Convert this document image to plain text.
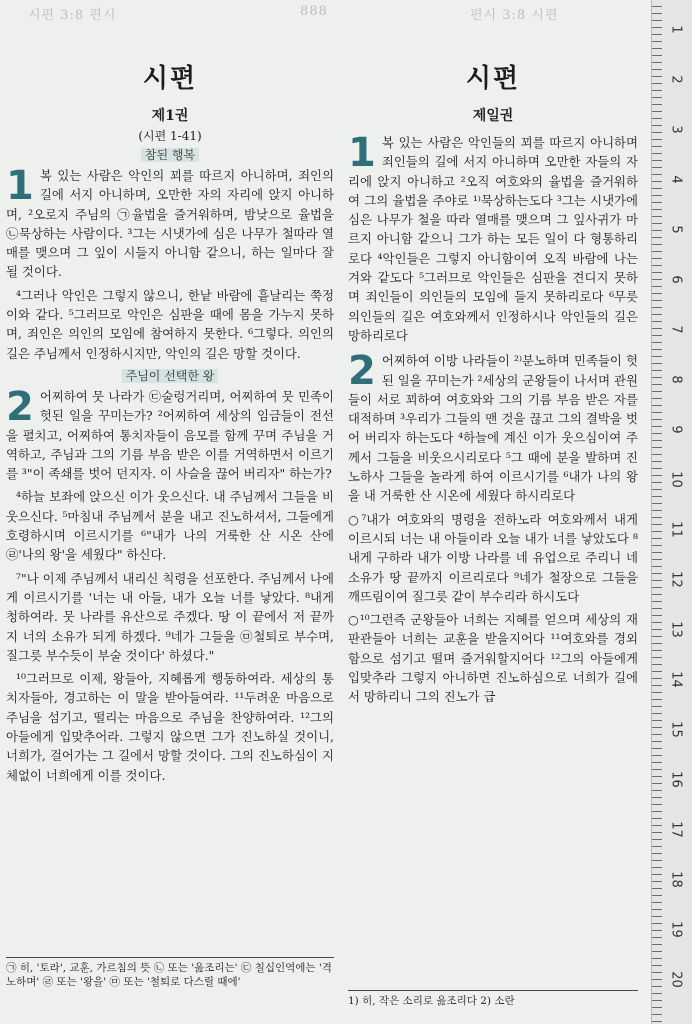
시편 3:8 편시	888	편시 3:8 시편
시편

제1권

(시편 1-41)

참된 행복

1 복 있는 사람은 악인의 꾀를 따르지 아니하며, 죄인의 길에 서지 아니하며, 오만한 자의 자리에 앉지 아니하며, ²오로지 주님의 ㉠율법을 즐거워하며, 밤낮으로 율법을 ㉡묵상하는 사람이다. ³그는 시냇가에 심은 나무가 철따라 열매를 맺으며 그 잎이 시들지 아니함 같으니, 하는 일마다 잘 될 것이다.

⁴그러나 악인은 그렇지 않으니, 한낱 바람에 흩날리는 쭉정이와 같다. ⁵그러므로 악인은 심판을 때에 몸을 가누지 못하며, 죄인은 의인의 모임에 참여하지 못한다. ⁶그렇다. 의인의 길은 주님께서 인정하시지만, 악인의 길은 망할 것이다.

주님이 선택한 왕

2 어찌하여 뭇 나라가 ㉢술렁거리며, 어찌하여 뭇 민족이 헛된 일을 꾸미는가? ²어찌하여 세상의 임금들이 전선을 펼치고, 어찌하여 통치자들이 음모를 함께 꾸며 주님을 거역하고, 주님과 그의 기름 부음 받은 이를 거역하면서 이르기를 ³"이 족쇄를 벗어 던지자. 이 사슬을 끊어 버리자" 하는가?

⁴하늘 보좌에 앉으신 이가 웃으신다. 내 주님께서 그들을 비웃으신다. ⁵마침내 주님께서 분을 내고 진노하셔서, 그들에게 호령하시며 이르시기를 ⁶"내가 나의 거룩한 산 시온 산에 ㉣'나의 왕'을 세웠다" 하신다.

⁷"나 이제 주님께서 내리신 칙령을 선포한다. 주님께서 나에게 이르시기를 '너는 내 아들, 내가 오늘 너를 낳았다. ⁸내게 청하여라. 뭇 나라를 유산으로 주겠다. 땅 이 끝에서 저 끝까지 너의 소유가 되게 하겠다. ⁹네가 그들을 ㉤철퇴로 부수며, 질그릇 부수듯이 부술 것이다' 하셨다."

¹⁰그러므로 이제, 왕들아, 지혜롭게 행동하여라. 세상의 통치자들아, 경고하는 이 말을 받아들여라. ¹¹두려운 마음으로 주님을 섬기고, 떨리는 마음으로 주님을 찬양하여라. ¹²그의 아들에게 입맞추어라. 그렇지 않으면 그가 진노하실 것이니, 너희가, 걸어가는 그 길에서 망할 것이다. 그의 진노하심이 지체없이 너희에게 이를 것이다.

㉠ 히, '토라', 교훈, 가르침의 뜻 ㉡ 또는 '읊조리는' ㉢ 칠십인역에는 '격노하며' ㉣ 또는 '왕을' ㉤ 또는 '철퇴로 다스릴 때에'
시편

제일권

1 복 있는 사람은 악인들의 꾀를 따르지 아니하며 죄인들의 길에 서지 아니하며 오만한 자들의 자리에 앉지 아니하고 ²오직 여호와의 율법을 즐거워하여 그의 율법을 주야로 ¹⁾묵상하는도다 ³그는 시냇가에 심은 나무가 철을 따라 열매를 맺으며 그 잎사귀가 마르지 아니함 같으니 그가 하는 모든 일이 다 형통하리로다 ⁴악인들은 그렇지 아니함이여 오직 바람에 나는 겨와 같도다 ⁵그러므로 악인들은 심판을 견디지 못하며 죄인들이 의인들의 모임에 들지 못하리로다 ⁶무릇 의인들의 길은 여호와께서 인정하시나 악인들의 길은 망하리로다
2 어찌하여 이방 나라들이 ²⁾분노하며 민족들이 헛된 일을 꾸미는가 ²세상의 군왕들이 나서며 관원들이 서로 꾀하여 여호와와 그의 기름 부음 받은 자를 대적하며 ³우리가 그들의 맨 것을 끊고 그의 결박을 벗어 버리자 하는도다 ⁴하늘에 계신 이가 웃으심이여 주께서 그들을 비웃으시리로다 ⁵그 때에 분을 발하며 진노하사 그들을 놀라게 하여 이르시기를 ⁶내가 나의 왕을 내 거룩한 산 시온에 세웠다 하시리로다

○⁷내가 여호와의 명령을 전하노라 여호와께서 내게 이르시되 너는 내 아들이라 오늘 내가 너를 낳았도다 ⁸내게 구하라 내가 이방 나라를 네 유업으로 주리니 네 소유가 땅 끝까지 이르리로다 ⁹네가 철장으로 그들을 깨뜨림이여 질그릇 같이 부수리라 하시도다

○¹⁰그런즉 군왕들아 너희는 지혜를 얻으며 세상의 재판관들아 너희는 교훈을 받을지어다 ¹¹여호와를 경외함으로 섬기고 떨며 즐거워할지어다 ¹²그의 아들에게 입맞추라 그렇지 아니하면 진노하심으로 너희가 길에서 망하리니 그의 진노가 급

1) 히, 작은 소리로 읊조리다 2) 소란
1
2
3
4
5
6
7
8
9
10
11
12
13
14
15
16
17
18
19
20
